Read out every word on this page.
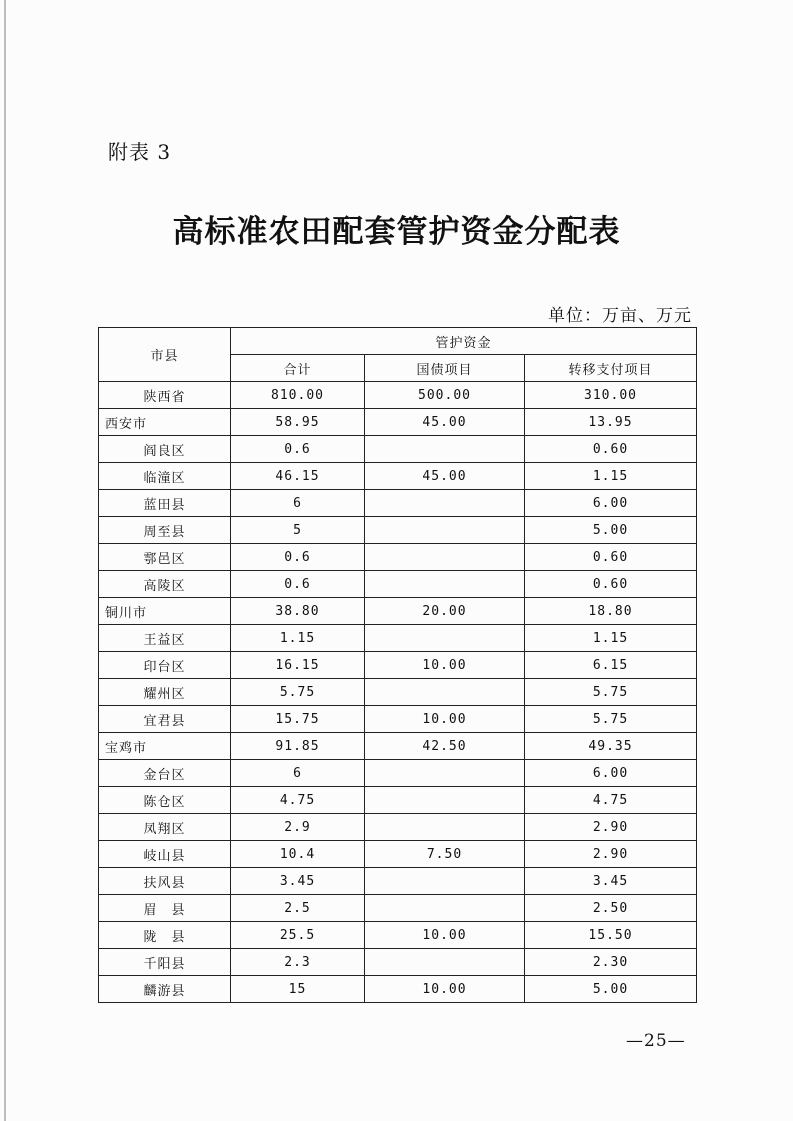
附表 3
高标准农田配套管护资金分配表
单位：万亩、万元
市县	管护资金		
	合计	国债项目	转移支付项目
陕西省	810.00	500.00	310.00
西安市	58.95	45.00	13.95
阎良区	0.6		0.60
临潼区	46.15	45.00	1.15
蓝田县	6		6.00
周至县	5		5.00
鄠邑区	0.6		0.60
高陵区	0.6		0.60
铜川市	38.80	20.00	18.80
王益区	1.15		1.15
印台区	16.15	10.00	6.15
耀州区	5.75		5.75
宜君县	15.75	10.00	5.75
宝鸡市	91.85	42.50	49.35
金台区	6		6.00
陈仓区	4.75		4.75
凤翔区	2.9		2.90
岐山县	10.4	7.50	2.90
扶风县	3.45		3.45
眉　县	2.5		2.50
陇　县	25.5	10.00	15.50
千阳县	2.3		2.30
麟游县	15	10.00	5.00
—25—
